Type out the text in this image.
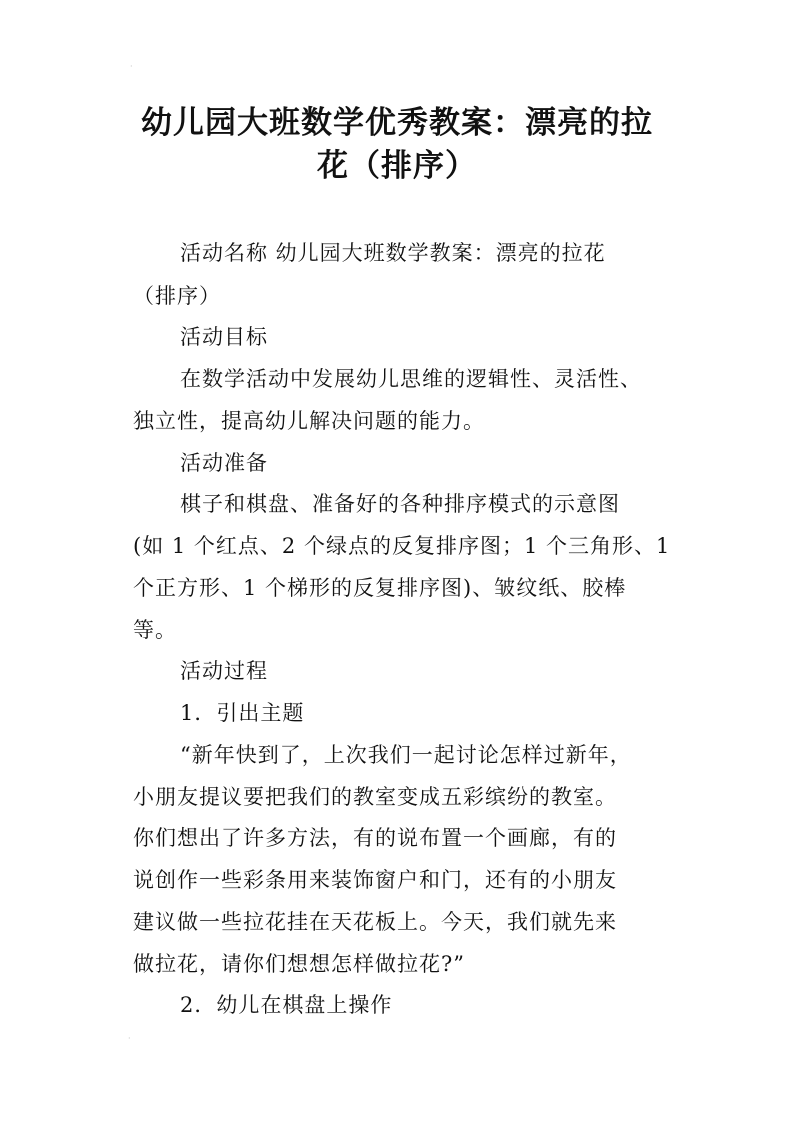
·
幼儿园大班数学优秀教案：漂亮的拉
花（排序）

活动名称 幼儿园大班数学教案：漂亮的拉花

（排序）

活动目标

在数学活动中发展幼儿思维的逻辑性、灵活性、

独立性，提高幼儿解决问题的能力。

活动准备

棋子和棋盘、准备好的各种排序模式的示意图

(如 1 个红点、2 个绿点的反复排序图；1 个三角形、1

个正方形、1 个梯形的反复排序图)、皱纹纸、胶棒

等。

活动过程

1．引出主题

“新年快到了，上次我们一起讨论怎样过新年，

小朋友提议要把我们的教室变成五彩缤纷的教室。

你们想出了许多方法，有的说布置一个画廊，有的

说创作一些彩条用来装饰窗户和门，还有的小朋友

建议做一些拉花挂在天花板上。今天，我们就先来

做拉花，请你们想想怎样做拉花?”

2．幼儿在棋盘上操作

·
